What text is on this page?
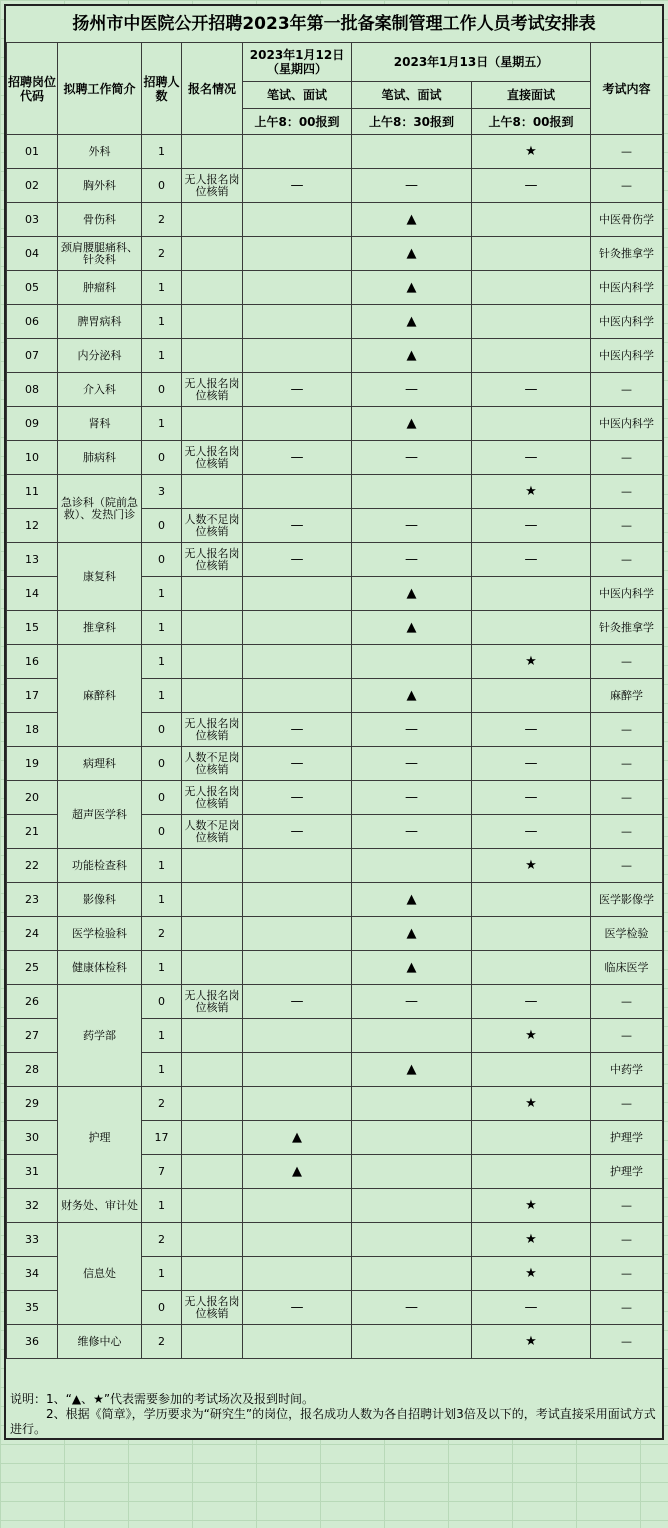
扬州市中医院公开招聘2023年第一批备案制管理工作人员考试安排表
招聘岗位代码	拟聘工作简介	招聘人数	报名情况	2023年1月12日（星期四）	2023年1月13日（星期五）		考试内容
				笔试、面试	笔试、面试	直接面试	
				上午8：00报到	上午8：30报到	上午8：00报到	
01	外科	1				★	—
02	胸外科	0	无人报名岗位核销	—	—	—	—
03	骨伤科	2			▲		中医骨伤学
04	颈肩腰腿痛科、针灸科	2			▲		针灸推拿学
05	肿瘤科	1			▲		中医内科学
06	脾胃病科	1			▲		中医内科学
07	内分泌科	1			▲		中医内科学
08	介入科	0	无人报名岗位核销	—	—	—	—
09	肾科	1			▲		中医内科学
10	肺病科	0	无人报名岗位核销	—	—	—	—
11	急诊科（院前急救）、发热门诊	3				★	—
12		0	人数不足岗位核销	—	—	—	—
13	康复科	0	无人报名岗位核销	—	—	—	—
14		1			▲		中医内科学
15	推拿科	1			▲		针灸推拿学
16	麻醉科	1				★	—
17		1			▲		麻醉学
18		0	无人报名岗位核销	—	—	—	—
19	病理科	0	人数不足岗位核销	—	—	—	—
20	超声医学科	0	无人报名岗位核销	—	—	—	—
21		0	人数不足岗位核销	—	—	—	—
22	功能检查科	1				★	—
23	影像科	1			▲		医学影像学
24	医学检验科	2			▲		医学检验
25	健康体检科	1			▲		临床医学
26	药学部	0	无人报名岗位核销	—	—	—	—
27		1				★	—
28		1			▲		中药学
29	护理	2				★	—
30		17		▲			护理学
31		7		▲			护理学
32	财务处、审计处	1				★	—
33	信息处	2				★	—
34		1				★	—
35		0	无人报名岗位核销	—	—	—	—
36	维修中心	2				★	—

说明：1、“▲、★”代表需要参加的考试场次及报到时间。

　　　2、根据《简章》，学历要求为“研究生”的岗位，报名成功人数为各自招聘计划3倍及以下的，考试直接采用面试方式进行。
